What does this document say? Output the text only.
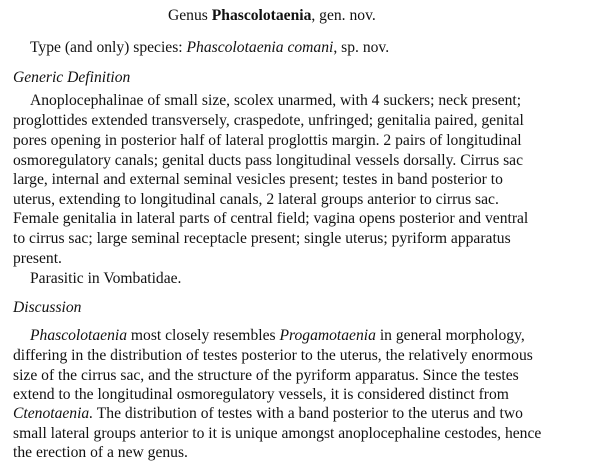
Genus Phascolotaenia, gen. nov.
Type (and only) species: Phascolotaenia comani, sp. nov.
Generic Definition
Anoplocephalinae of small size, scolex unarmed, with 4 suckers; neck present;
proglottides extended transversely, craspedote, unfringed; genitalia paired, genital
pores opening in posterior half of lateral proglottis margin. 2 pairs of longitudinal
osmoregulatory canals; genital ducts pass longitudinal vessels dorsally. Cirrus sac
large, internal and external seminal vesicles present; testes in band posterior to
uterus, extending to longitudinal canals, 2 lateral groups anterior to cirrus sac.
Female genitalia in lateral parts of central field; vagina opens posterior and ventral
to cirrus sac; large seminal receptacle present; single uterus; pyriform apparatus
present.
Parasitic in Vombatidae.
Discussion
Phascolotaenia most closely resembles Progamotaenia in general morphology,
differing in the distribution of testes posterior to the uterus, the relatively enormous
size of the cirrus sac, and the structure of the pyriform apparatus. Since the testes
extend to the longitudinal osmoregulatory vessels, it is considered distinct from
Ctenotaenia. The distribution of testes with a band posterior to the uterus and two
small lateral groups anterior to it is unique amongst anoplocephaline cestodes, hence
the erection of a new genus.
